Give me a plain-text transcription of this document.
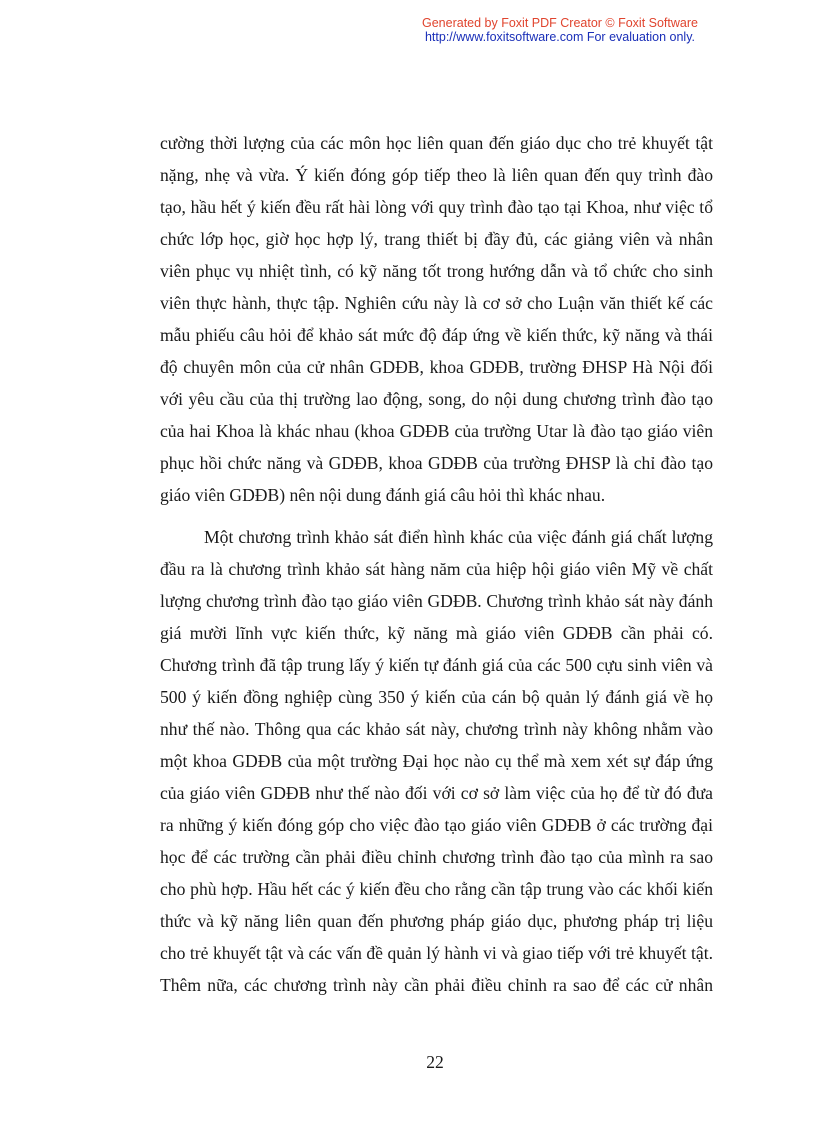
Generated by Foxit PDF Creator © Foxit Software
http://www.foxitsoftware.com For evaluation only.

cường thời lượng của các môn học liên quan đến giáo dục cho trẻ khuyết tật
nặng, nhẹ và vừa. Ý kiến đóng góp tiếp theo là liên quan đến quy trình đào
tạo, hầu hết ý kiến đều rất hài lòng với quy trình đào tạo tại Khoa, như việc tổ
chức lớp học, giờ học hợp lý, trang thiết bị đầy đủ, các giảng viên và nhân
viên phục vụ nhiệt tình, có kỹ năng tốt trong hướng dẫn và tổ chức cho sinh
viên thực hành, thực tập. Nghiên cứu này là cơ sở cho Luận văn thiết kế các
mẫu phiếu câu hỏi để khảo sát mức độ đáp ứng về kiến thức, kỹ năng và thái
độ chuyên môn của cử nhân GDĐB, khoa GDĐB, trường ĐHSP Hà Nội đối
với yêu cầu của thị trường lao động, song, do nội dung chương trình đào tạo
của hai Khoa là khác nhau (khoa GDĐB của trường Utar là đào tạo giáo viên
phục hồi chức năng và GDĐB, khoa GDĐB của trường ĐHSP là chỉ đào tạo
giáo viên GDĐB) nên nội dung đánh giá câu hỏi thì khác nhau.

Một chương trình khảo sát điển hình khác của việc đánh giá chất lượng
đầu ra là chương trình khảo sát hàng năm của hiệp hội giáo viên Mỹ về chất
lượng chương trình đào tạo giáo viên GDĐB. Chương trình khảo sát này đánh
giá mười lĩnh vực kiến thức, kỹ năng mà giáo viên GDĐB cần phải có.
Chương trình đã tập trung lấy ý kiến tự đánh giá của các 500 cựu sinh viên và
500 ý kiến đồng nghiệp cùng 350 ý kiến của cán bộ quản lý đánh giá về họ
như thế nào. Thông qua các khảo sát này, chương trình này không nhằm vào
một khoa GDĐB của một trường Đại học nào cụ thể mà xem xét sự đáp ứng
của giáo viên GDĐB như thế nào đối với cơ sở làm việc của họ để từ đó đưa
ra những ý kiến đóng góp cho việc đào tạo giáo viên GDĐB ở các trường đại
học để các trường cần phải điều chỉnh chương trình đào tạo của mình ra sao
cho phù hợp. Hầu hết các ý kiến đều cho rằng cần tập trung vào các khối kiến
thức và kỹ năng liên quan đến phương pháp giáo dục, phương pháp trị liệu
cho trẻ khuyết tật và các vấn đề quản lý hành vi và giao tiếp với trẻ khuyết tật.
Thêm nữa, các chương trình này cần phải điều chỉnh ra sao để các cử nhân

22
